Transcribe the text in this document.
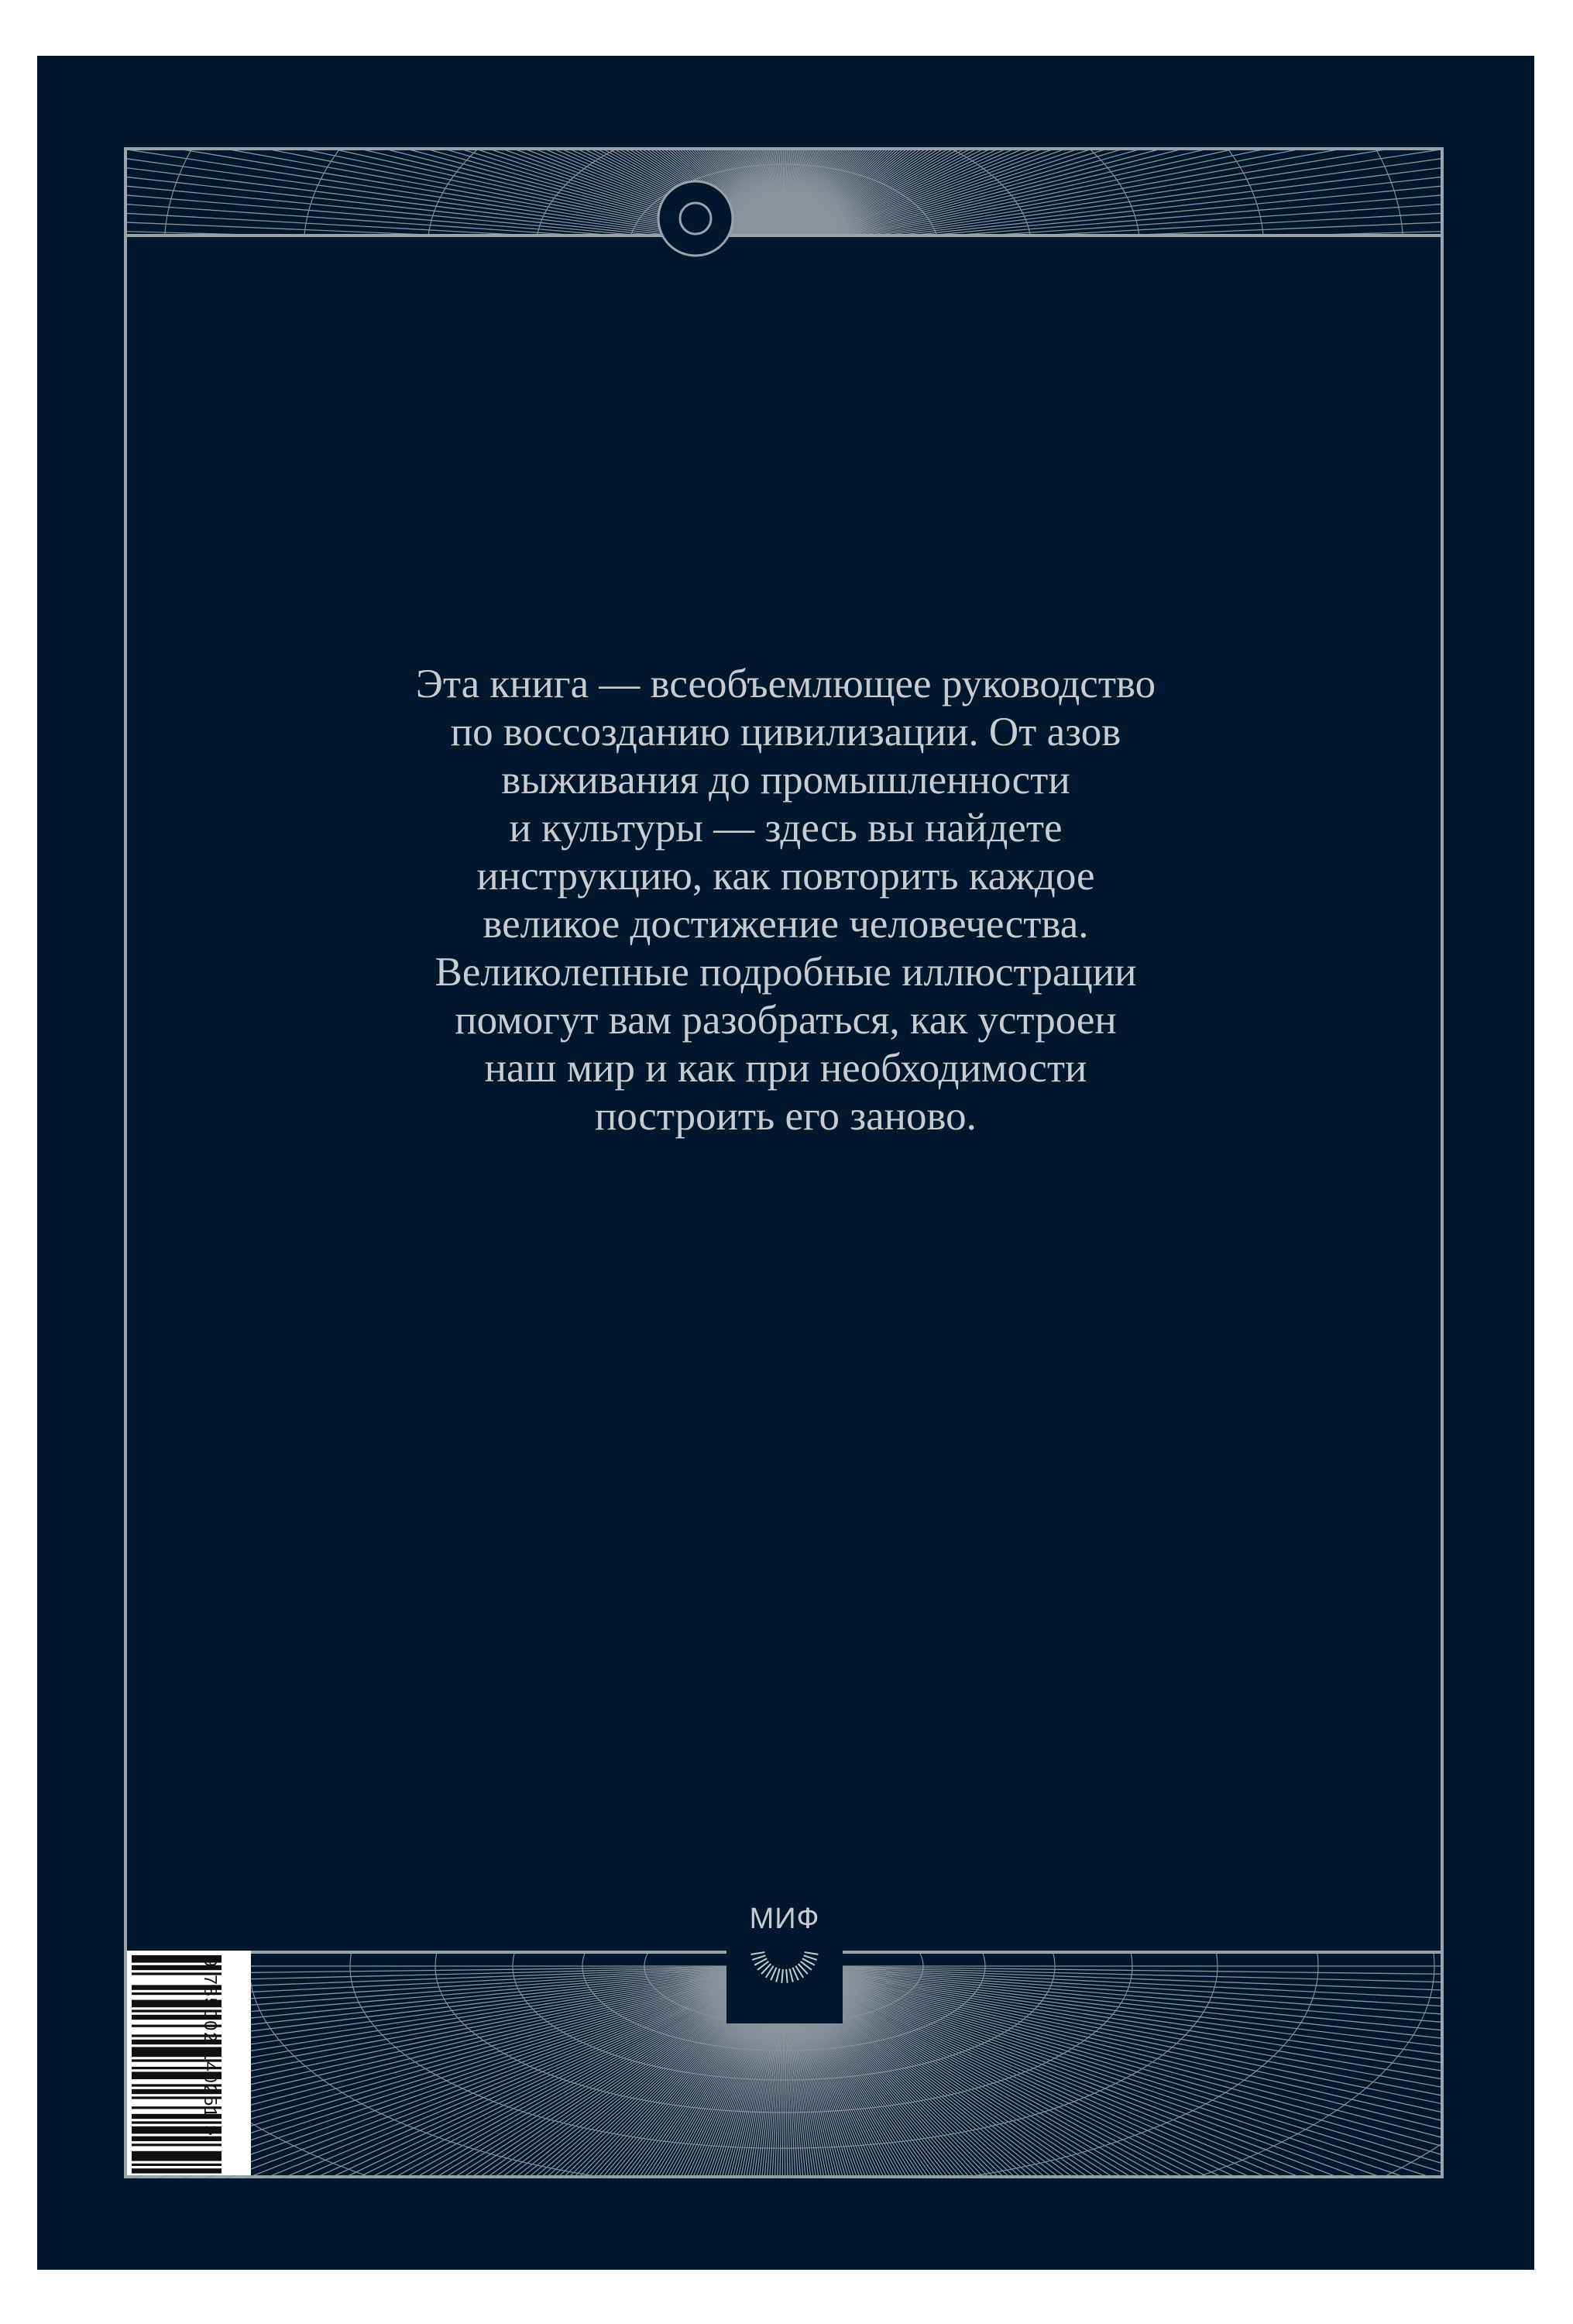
Эта книга — всеобъемлющее руководство
по воссозданию цивилизации. От азов
выживания до промышленности
и культуры — здесь вы найдете
инструкцию, как повторить каждое
великое достижение человечества.
Великолепные подробные иллюстрации
помогут вам разобраться, как устроен
наш мир и как при необходимости
построить его заново.

МИФ
9 785002 140251 >
